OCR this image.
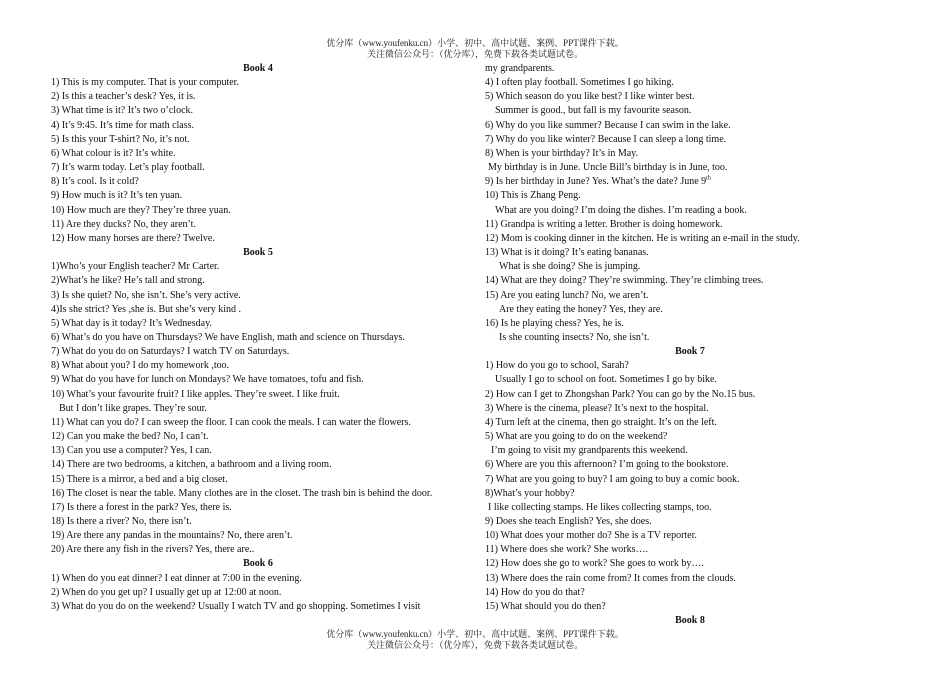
优分库（www.youfenku.cn）小学、初中、高中试题、案例、PPT课件下载。
关注微信公众号：（优分库），免费下载各类试题试卷。
Book 4
1) This is my computer. That is your computer.
2) Is this a teacher’s desk? Yes, it is.
3) What time is it? It’s two o’clock.
4) It’s 9:45. It’s time for math class.
5) Is this your T-shirt? No, it’s not.
6) What colour is it? It’s white.
7) It’s warm today. Let’s play football.
8) It’s cool. Is it cold?
9) How much is it? It’s ten yuan.
10) How much are they? They’re three yuan.
11) Are they ducks? No, they aren’t.
12) How many horses are there? Twelve.
Book 5
1)Who’s your English teacher? Mr Carter.
2)What’s he like? He’s tall and strong.
3) Is she quiet? No, she isn’t. She’s very active.
4)Is she strict? Yes ,she is. But she’s very kind .
5) What day is it today? It’s Wednesday.
6) What’s do you have on Thursdays? We have English, math and science on Thursdays.
7) What do you do on Saturdays? I watch TV on Saturdays.
8) What about you? I do my homework ,too.
9) What do you have for lunch on Mondays? We have tomatoes, tofu and fish.
10) What’s your favourite fruit? I like apples. They’re sweet. I like fruit.
But I don’t like grapes. They’re sour.
11) What can you do? I can sweep the floor. I can cook the meals. I can water the flowers.
12) Can you make the bed? No, I can’t.
13) Can you use a computer? Yes, I can.
14) There are two bedrooms, a kitchen, a bathroom and a living room.
15) There is a mirror, a bed and a big closet.
16) The closet is near the table. Many clothes are in the closet. The trash bin is behind the door.
17) Is there a forest in the park? Yes, there is.
18) Is there a river? No, there isn’t.
19) Are there any pandas in the mountains? No, there aren’t.
20) Are there any fish in the rivers? Yes, there are..
Book 6
1) When do you eat dinner? I eat dinner at 7:00 in the evening.
2) When do you get up? I usually get up at 12:00 at noon.
3) What do you do on the weekend? Usually I watch TV and go shopping. Sometimes I visit
my grandparents.
4) I often play football. Sometimes I go hiking.
5) Which season do you like best? I like winter best.
Summer is good., but fall is my favourite season.
6) Why do you like summer? Because I can swim in the lake.
7) Why do you like winter? Because I can sleep a long time.
8) When is your birthday? It’s in May.
My birthday is in June. Uncle Bill’s birthday is in June, too.
9) Is her birthday in June? Yes. What’s the date? June 9th
10) This is Zhang Peng.
What are you doing? I’m doing the dishes. I’m reading a book.
11) Grandpa is writing a letter. Brother is doing homework.
12) Mom is cooking dinner in the kitchen. He is writing an e-mail in the study.
13) What is it doing? It’s eating bananas.
What is she doing? She is jumping.
14) What are they doing? They’re swimming. They’re climbing trees.
15) Are you eating lunch? No, we aren’t.
Are they eating the honey? Yes, they are.
16) Is he playing chess? Yes, he is.
Is she counting insects? No, she isn’t.
Book 7
1) How do you go to school, Sarah?
Usually I go to school on foot. Sometimes I go by bike.
2) How can I get to Zhongshan Park? You can go by the No.15 bus.
3) Where is the cinema, please? It’s next to the hospital.
4) Turn left at the cinema, then go straight. It’s on the left.
5) What are you going to do on the weekend?
I’m going to visit my grandparents this weekend.
6) Where are you this afternoon? I’m going to the bookstore.
7) What are you going to buy? I am going to buy a comic book.
8)What’s your hobby?
I like collecting stamps. He likes collecting stamps, too.
9) Does she teach English? Yes, she does.
10) What does your mother do? She is a TV reporter.
11) Where does she work? She works….
12) How does she go to work? She goes to work by….
13) Where does the rain come from? It comes from the clouds.
14) How do you do that?
15) What should you do then?
Book 8
优分库（www.youfenku.cn）小学、初中、高中试题、案例、PPT课件下载。
关注微信公众号：（优分库），免费下载各类试题试卷。
